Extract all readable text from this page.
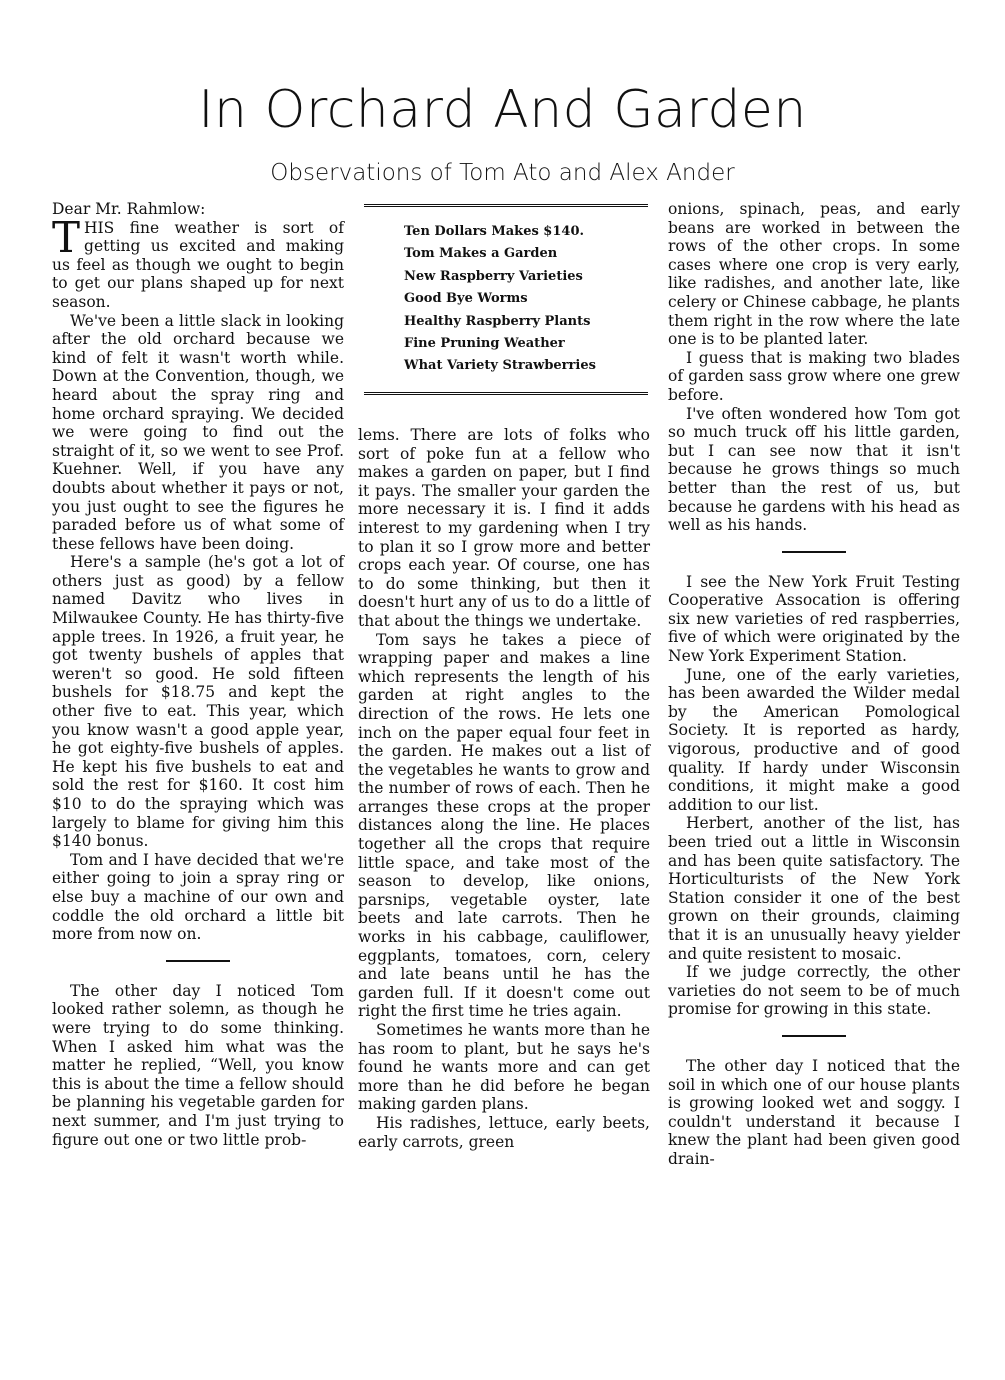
In Orchard And Garden
Observations of Tom Ato and Alex Ander

Dear Mr. Rahmlow:

THIS fine weather is sort of getting us excited and making us feel as though we ought to begin to get our plans shaped up for next season.

We've been a little slack in looking after the old orchard because we kind of felt it wasn't worth while. Down at the Convention, though, we heard about the spray ring and home orchard spraying. We decided we were going to find out the straight of it, so we went to see Prof. Kuehner. Well, if you have any doubts about whether it pays or not, you just ought to see the figures he paraded before us of what some of these fellows have been doing.

Here's a sample (he's got a lot of others just as good) by a fellow named Davitz who lives in Milwaukee County. He has thirty-five apple trees. In 1926, a fruit year, he got twenty bushels of apples that weren't so good. He sold fifteen bushels for $18.75 and kept the other five to eat. This year, which you know wasn't a good apple year, he got eighty-five bushels of apples. He kept his five bushels to eat and sold the rest for $160. It cost him $10 to do the spraying which was largely to blame for giving him this $140 bonus.

Tom and I have decided that we're either going to join a spray ring or else buy a machine of our own and coddle the old orchard a little bit more from now on.

The other day I noticed Tom looked rather solemn, as though he were trying to do some thinking. When I asked him what was the matter he replied, “Well, you know this is about the time a fellow should be planning his vegetable garden for next summer, and I'm just trying to figure out one or two little prob-

Ten Dollars Makes $140.
Tom Makes a Garden
New Raspberry Varieties
Good Bye Worms
Healthy Raspberry Plants
Fine Pruning Weather
What Variety Strawberries

lems. There are lots of folks who sort of poke fun at a fellow who makes a garden on paper, but I find it pays. The smaller your garden the more necessary it is. I find it adds interest to my gardening when I try to plan it so I grow more and better crops each year. Of course, one has to do some thinking, but then it doesn't hurt any of us to do a little of that about the things we undertake.

Tom says he takes a piece of wrapping paper and makes a line which represents the length of his garden at right angles to the direction of the rows. He lets one inch on the paper equal four feet in the garden. He makes out a list of the vegetables he wants to grow and the number of rows of each. Then he arranges these crops at the proper distances along the line. He places together all the crops that require little space, and take most of the season to develop, like onions, parsnips, vegetable oyster, late beets and late carrots. Then he works in his cabbage, cauliflower, eggplants, tomatoes, corn, celery and late beans until he has the garden full. If it doesn't come out right the first time he tries again.

Sometimes he wants more than he has room to plant, but he says he's found he wants more and can get more than he did before he began making garden plans.

His radishes, lettuce, early beets, early carrots, green

onions, spinach, peas, and early beans are worked in between the rows of the other crops. In some cases where one crop is very early, like radishes, and another late, like celery or Chinese cabbage, he plants them right in the row where the late one is to be planted later.

I guess that is making two blades of garden sass grow where one grew before.

I've often wondered how Tom got so much truck off his little garden, but I can see now that it isn't because he grows things so much better than the rest of us, but because he gardens with his head as well as his hands.

I see the New York Fruit Testing Cooperative Assocation is offering six new varieties of red raspberries, five of which were originated by the New York Experiment Station.

June, one of the early varieties, has been awarded the Wilder medal by the American Pomological Society. It is reported as hardy, vigorous, productive and of good quality. If hardy under Wisconsin conditions, it might make a good addition to our list.

Herbert, another of the list, has been tried out a little in Wisconsin and has been quite satisfactory. The Horticulturists of the New York Station consider it one of the best grown on their grounds, claiming that it is an unusually heavy yielder and quite resistent to mosaic.

If we judge correctly, the other varieties do not seem to be of much promise for growing in this state.

The other day I noticed that the soil in which one of our house plants is growing looked wet and soggy. I couldn't understand it because I knew the plant had been given good drain-
